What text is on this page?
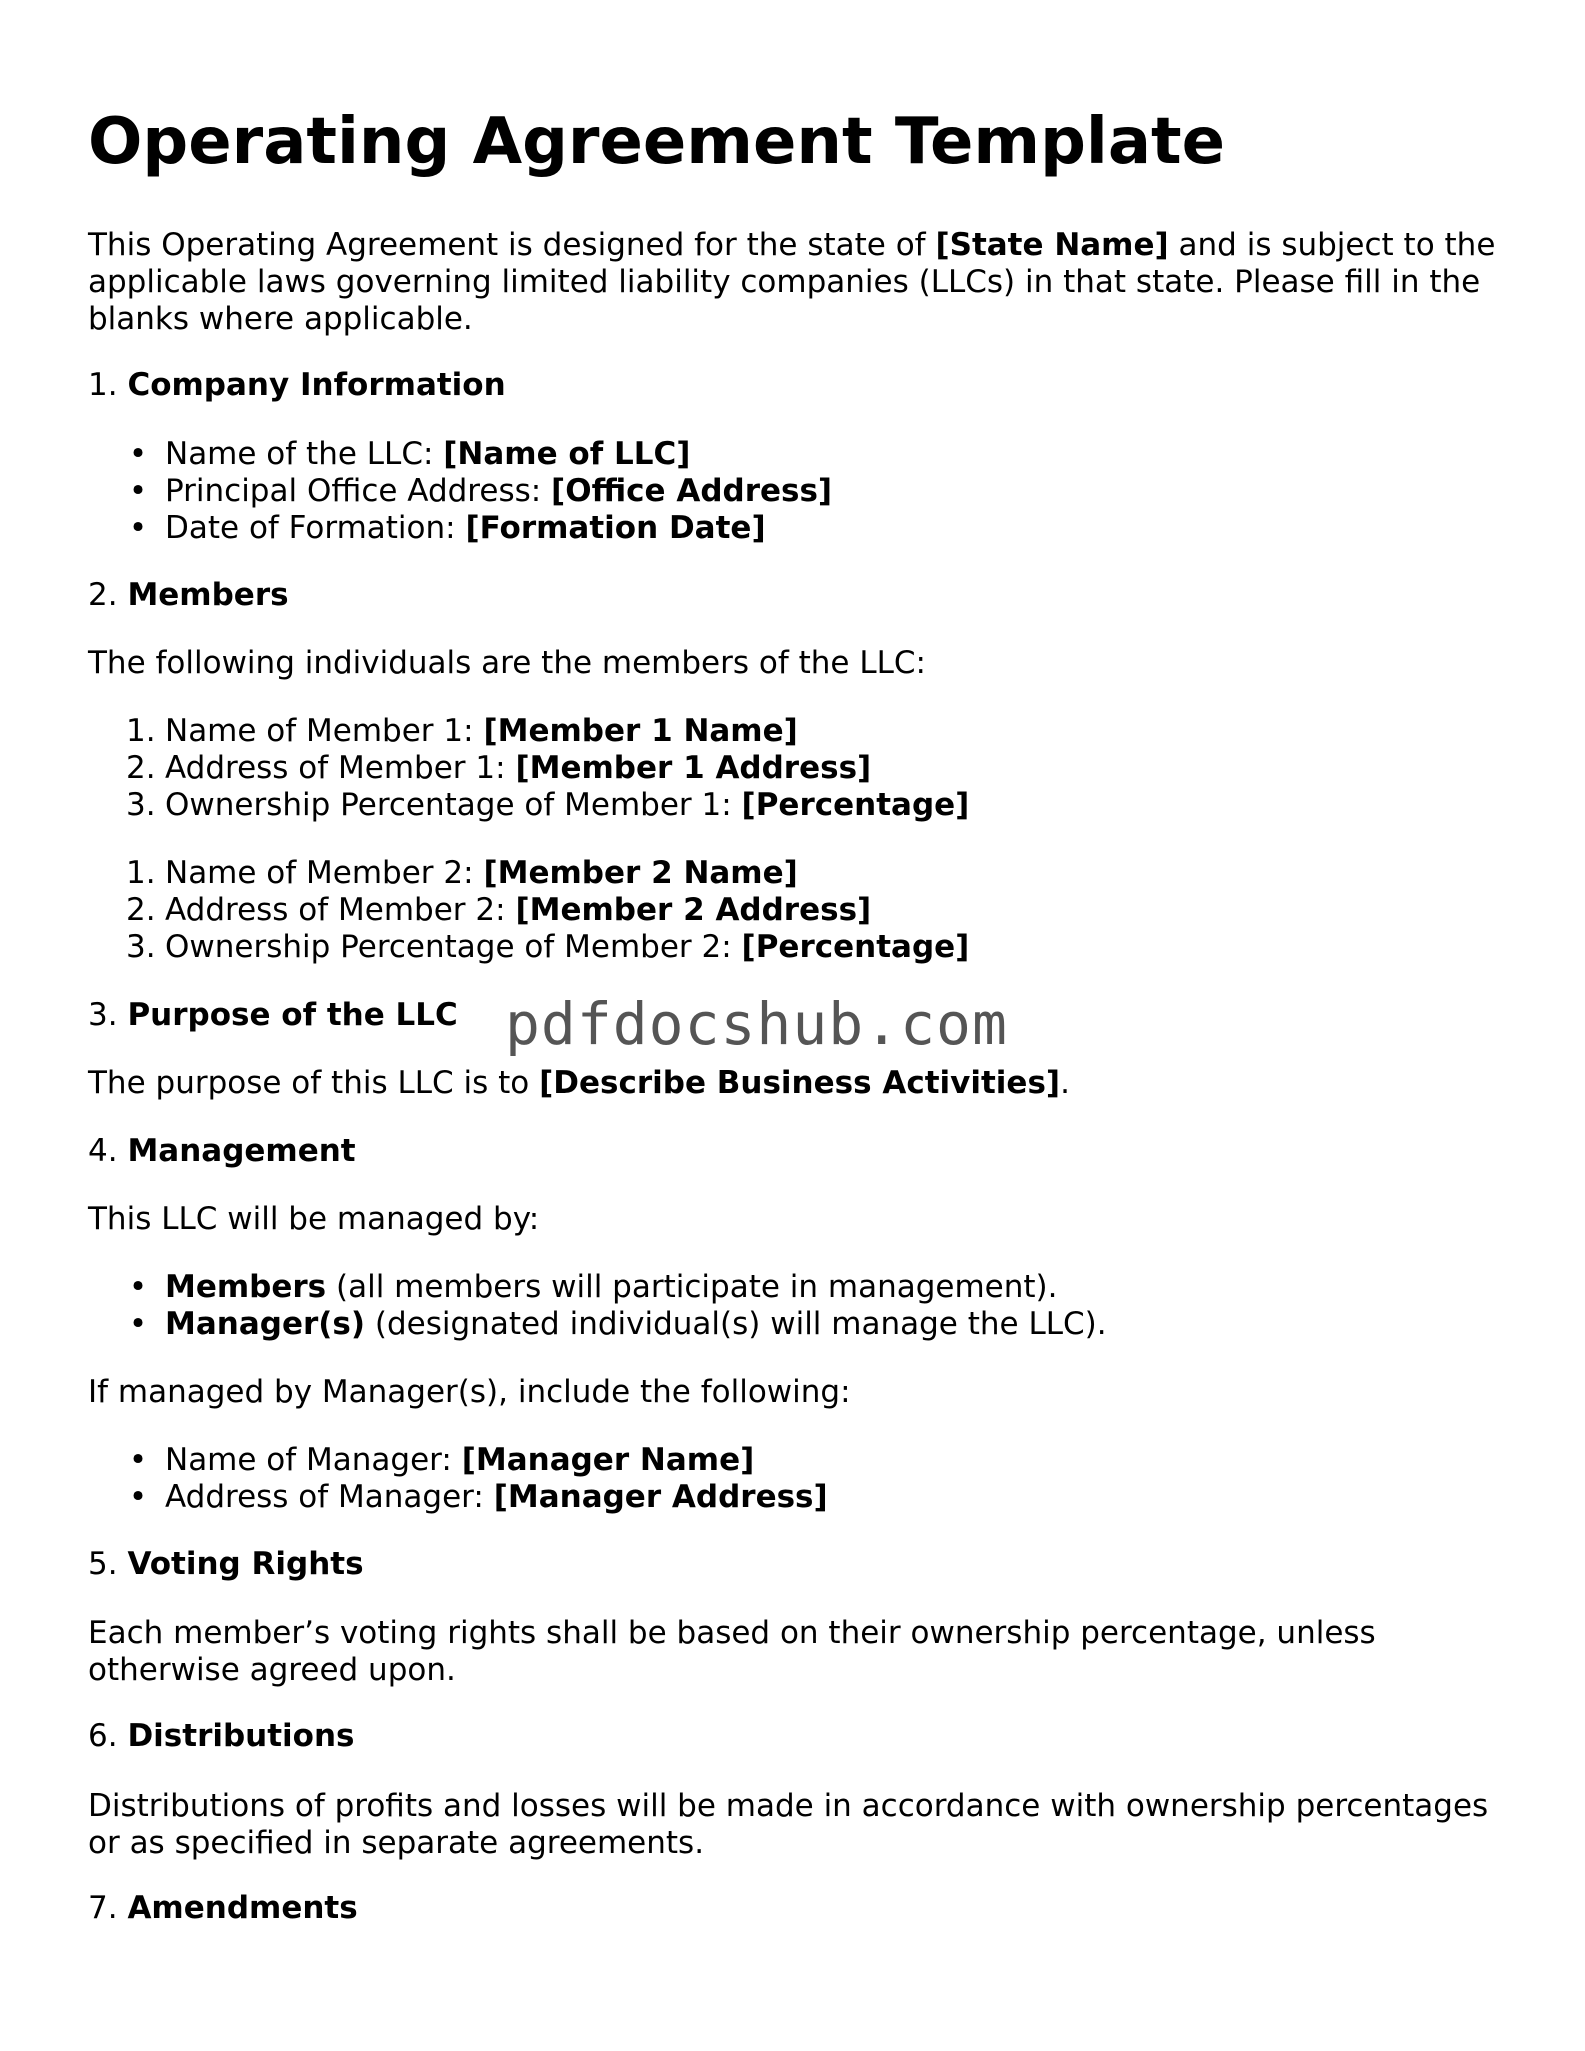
Operating Agreement Template

This Operating Agreement is designed for the state of [State Name] and is subject to the applicable laws governing limited liability companies (LLCs) in that state. Please fill in the blanks where applicable.

1. Company Information
• Name of the LLC: [Name of LLC]
• Principal Office Address: [Office Address]
• Date of Formation: [Formation Date]
2. Members

The following individuals are the members of the LLC:

1. Name of Member 1: [Member 1 Name]
2. Address of Member 1: [Member 1 Address]
3. Ownership Percentage of Member 1: [Percentage]
1. Name of Member 2: [Member 2 Name]
2. Address of Member 2: [Member 2 Address]
3. Ownership Percentage of Member 2: [Percentage]
3. Purpose of the LLC

The purpose of this LLC is to [Describe Business Activities].

4. Management

This LLC will be managed by:

• Members (all members will participate in management).
• Manager(s) (designated individual(s) will manage the LLC).

If managed by Manager(s), include the following:

• Name of Manager: [Manager Name]
• Address of Manager: [Manager Address]
5. Voting Rights

Each member’s voting rights shall be based on their ownership percentage, unless otherwise agreed upon.

6. Distributions

Distributions of profits and losses will be made in accordance with ownership percentages or as specified in separate agreements.

7. Amendments
pdfdocshub.com
